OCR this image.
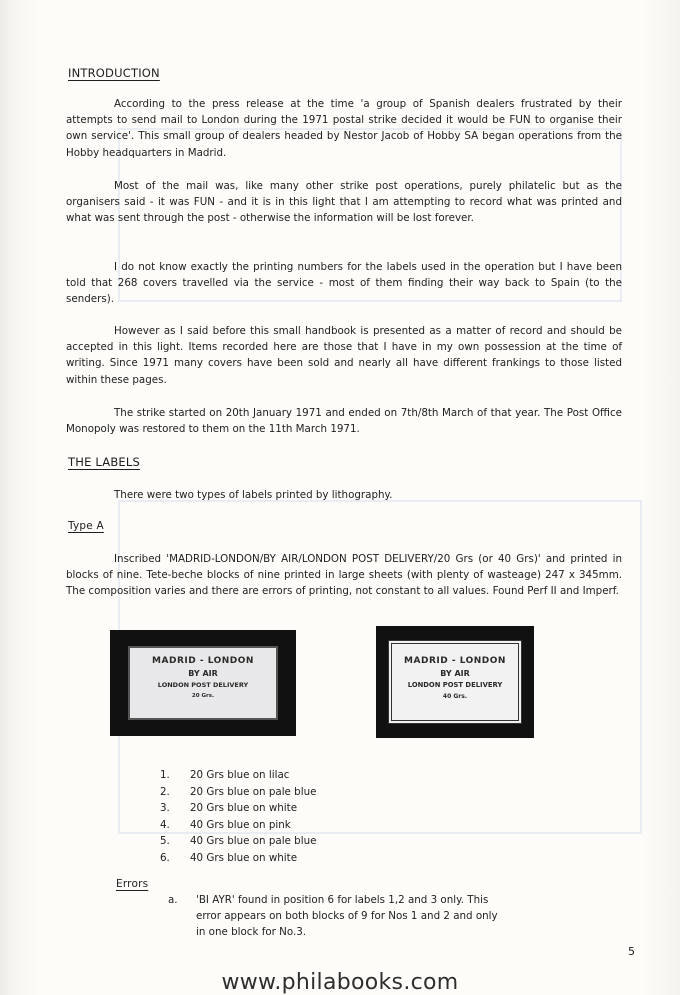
INTRODUCTION

According to the press release at the time 'a group of Spanish dealers frustrated by their attempts to send mail to London during the 1971 postal strike decided it would be FUN to organise their own service'. This small group of dealers headed by Nestor Jacob of Hobby SA began operations from the Hobby headquarters in Madrid.

Most of the mail was, like many other strike post operations, purely philatelic but as the organisers said - it was FUN - and it is in this light that I am attempting to record what was printed and what was sent through the post - otherwise the information will be lost forever.

I do not know exactly the printing numbers for the labels used in the operation but I have been told that 268 covers travelled via the service - most of them finding their way back to Spain (to the senders).

However as I said before this small handbook is presented as a matter of record and should be accepted in this light. Items recorded here are those that I have in my own possession at the time of writing. Since 1971 many covers have been sold and nearly all have different frankings to those listed within these pages.

The strike started on 20th January 1971 and ended on 7th/8th March of that year. The Post Office Monopoly was restored to them on the 11th March 1971.

THE LABELS
There were two types of labels printed by lithography.
Type A

Inscribed 'MADRID-LONDON/BY AIR/LONDON POST DELIVERY/20 Grs (or 40 Grs)' and printed in blocks of nine. Tete-beche blocks of nine printed in large sheets (with plenty of wasteage) 247 x 345mm. The composition varies and there are errors of printing, not constant to all values. Found Perf II and Imperf.

MADRID - LONDON
BY AIR
LONDON POST DELIVERY
20 Grs.
MADRID - LONDON
BY AIR
LONDON POST DELIVERY
40 Grs.
1.	20 Grs blue on lilac
2.	20 Grs blue on pale blue
3.	20 Grs blue on white
4.	40 Grs blue on pink
5.	40 Grs blue on pale blue
6.	40 Grs blue on white
Errors
a. 'BI AYR' found in position 6 for labels 1,2 and 3 only. This
error appears on both blocks of 9 for Nos 1 and 2 and only
in one block for No.3.
5
www.philabooks.com
